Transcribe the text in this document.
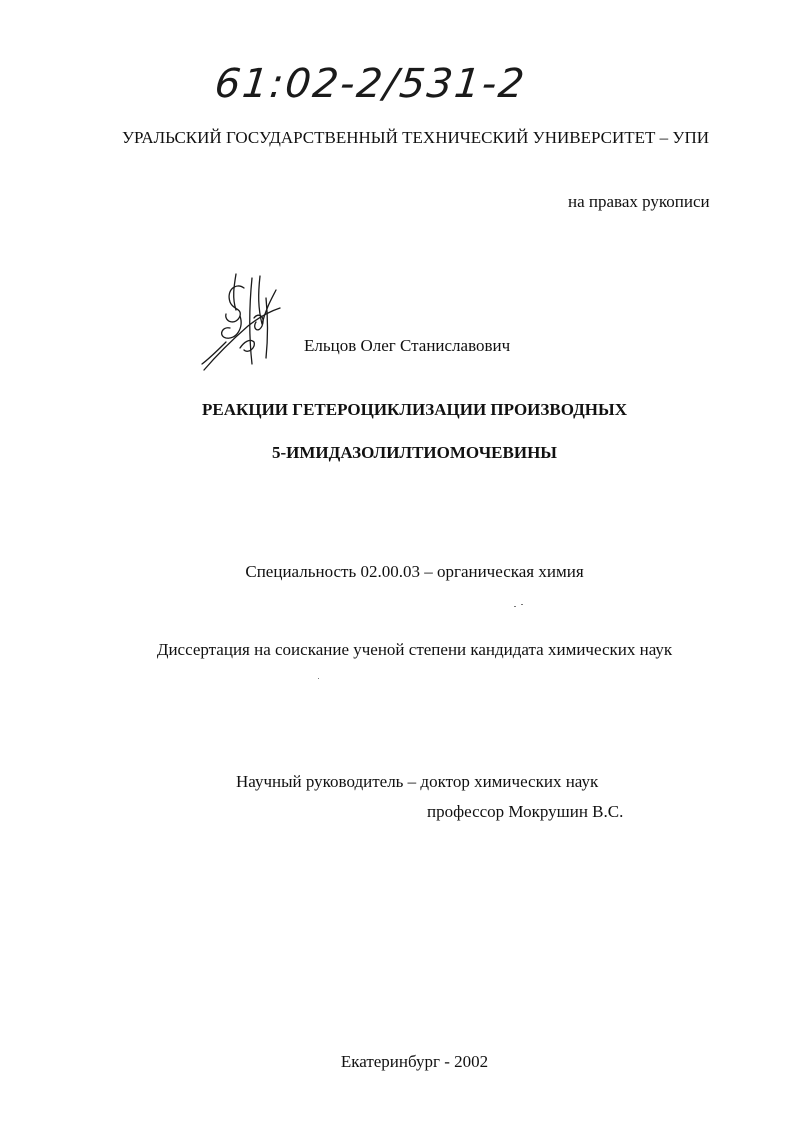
61:02-2/531-2
УРАЛЬСКИЙ ГОСУДАРСТВЕННЫЙ ТЕХНИЧЕСКИЙ УНИВЕРСИТЕТ – УПИ
на правах рукописи
Ельцов Олег Станиславович
РЕАКЦИИ ГЕТЕРОЦИКЛИЗАЦИИ ПРОИЗВОДНЫХ
5-ИМИДАЗОЛИЛТИОМОЧЕВИНЫ
Специальность 02.00.03 – органическая химия
Диссертация на соискание ученой степени кандидата химических наук
Научный руководитель – доктор химических наук
профессор Мокрушин В.С.
Екатеринбург - 2002
